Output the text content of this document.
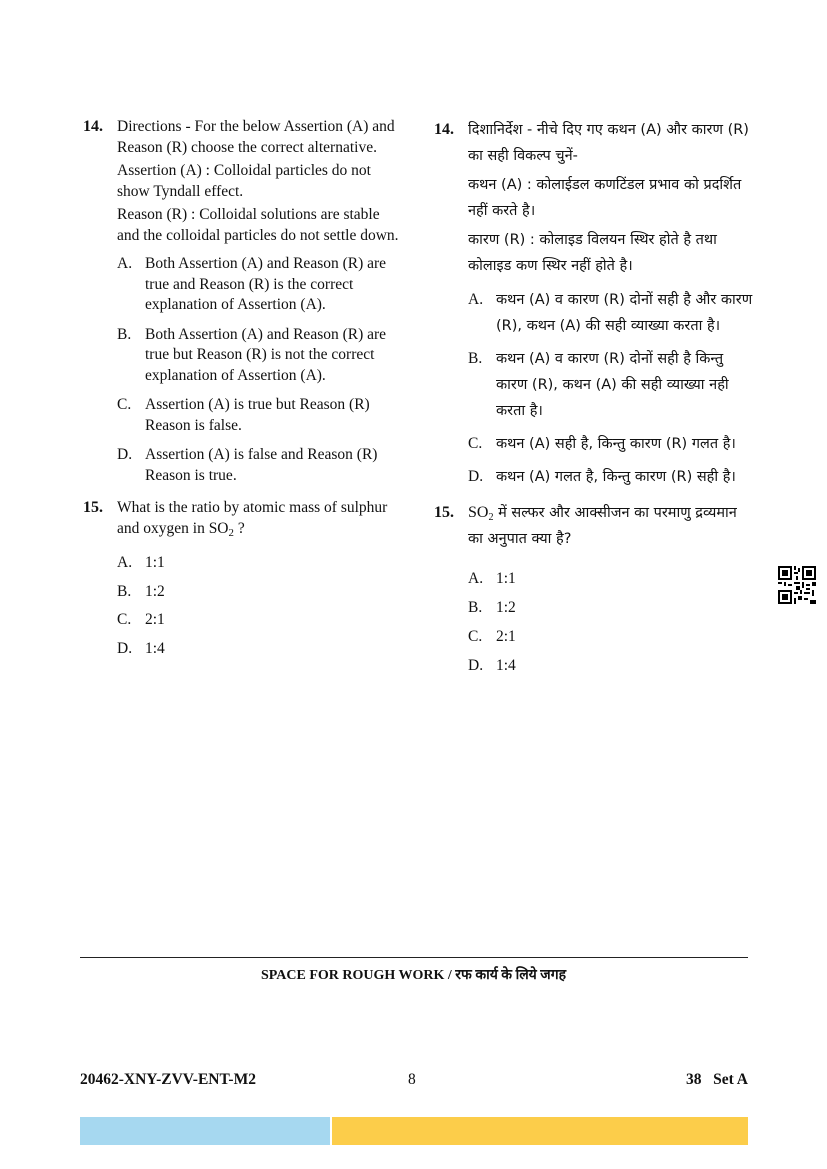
14. Directions - For the below Assertion (A) and Reason (R) choose the correct alternative.

Assertion (A) : Colloidal particles do not show Tyndall effect.

Reason (R) : Colloidal solutions are stable and the colloidal particles do not settle down.

A. Both Assertion (A) and Reason (R) are true and Reason (R) is the correct explanation of Assertion (A).
B. Both Assertion (A) and Reason (R) are true but Reason (R) is not the correct explanation of Assertion (A).
C. Assertion (A) is true but Reason (R) Reason is false.
D. Assertion (A) is false and Reason (R) Reason is true.
15. What is the ratio by atomic mass of sulphur and oxygen in $SO_2$ ?

A. 1:1
B. 1:2
C. 2:1
D. 1:4
14. दिशानिर्देश - नीचे दिए गए कथन (A) और कारण (R) का सही विकल्प चुनें-

कथन (A) : कोलाईडल कणटिंडल प्रभाव को प्रदर्शित नहीं करते है।

कारण (R) : कोलाइड विलयन स्थिर होते है तथा कोलाइड कण स्थिर नहीं होते है।

A. कथन (A) व कारण (R) दोनों सही है और कारण (R), कथन (A) की सही व्याख्या करता है।
B. कथन (A) व कारण (R) दोनों सही है किन्तु कारण (R), कथन (A) की सही व्याख्या नही करता है।
C. कथन (A) सही है, किन्तु कारण (R) गलत है।
D. कथन (A) गलत है, किन्तु कारण (R) सही है।
15. $SO_2$ में सल्फर और आक्सीजन का परमाणु द्रव्यमान का अनुपात क्या है?

A. 1:1
B. 1:2
C. 2:1
D. 1:4
SPACE FOR ROUGH WORK / रफ कार्य के लिये जगह
20462-XNY-ZVV-ENT-M2	8	38   Set A
